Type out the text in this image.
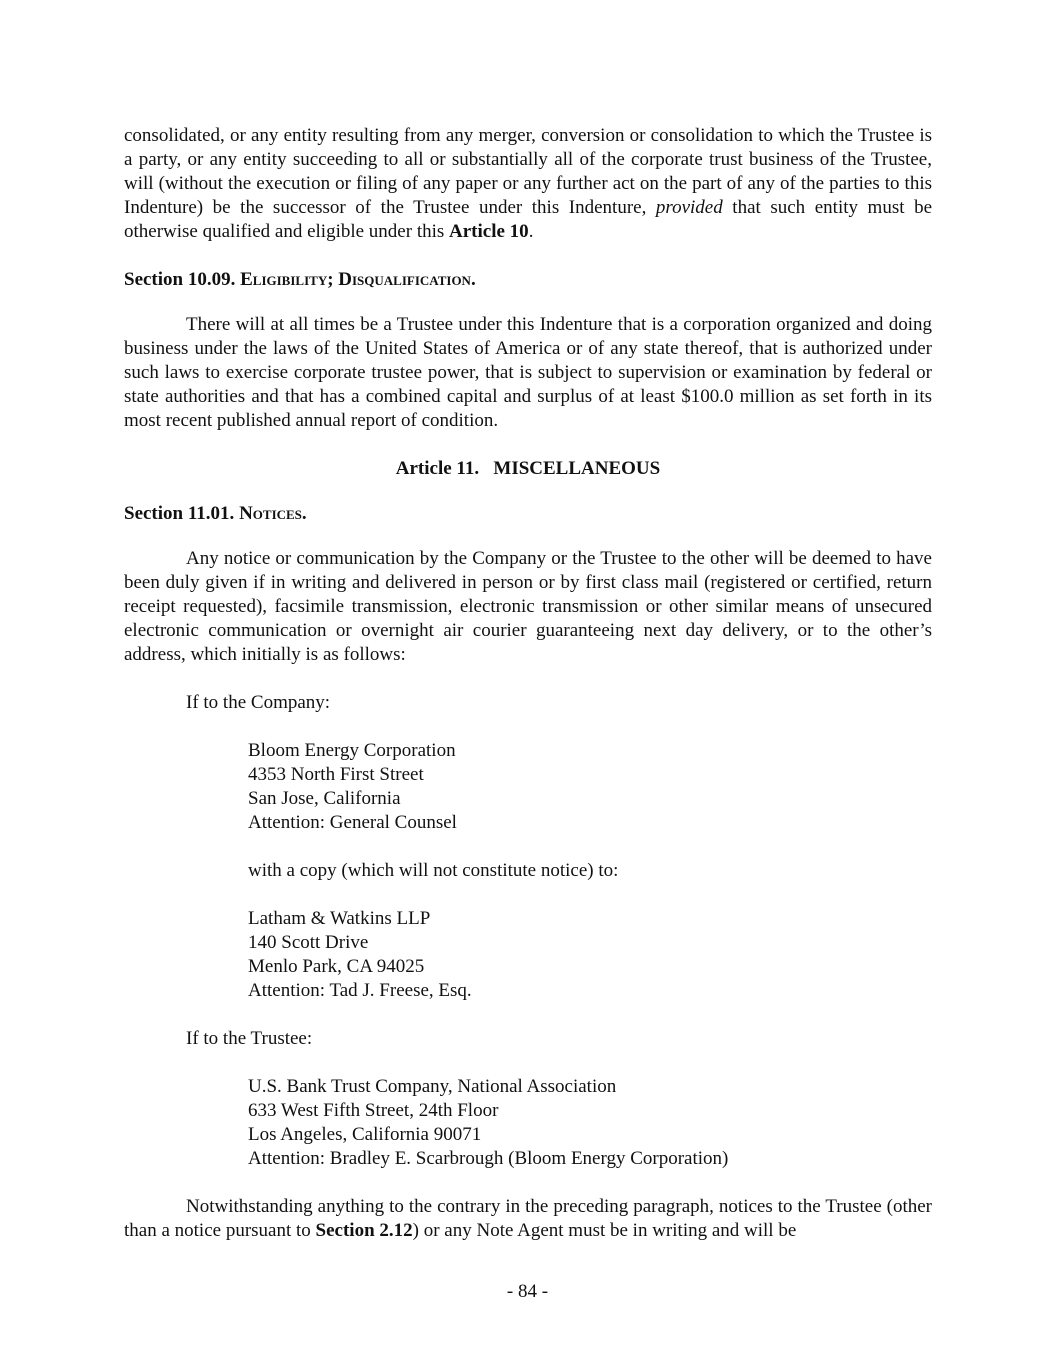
consolidated, or any entity resulting from any merger, conversion or consolidation to which the Trustee is a party, or any entity succeeding to all or substantially all of the corporate trust business of the Trustee, will (without the execution or filing of any paper or any further act on the part of any of the parties to this Indenture) be the successor of the Trustee under this Indenture, provided that such entity must be otherwise qualified and eligible under this Article 10.

Section 10.09. Eligibility; Disqualification.

There will at all times be a Trustee under this Indenture that is a corporation organized and doing business under the laws of the United States of America or of any state thereof, that is authorized under such laws to exercise corporate trustee power, that is subject to supervision or examination by federal or state authorities and that has a combined capital and surplus of at least $100.0 million as set forth in its most recent published annual report of condition.

Article 11.   MISCELLANEOUS

Section 11.01. Notices.

Any notice or communication by the Company or the Trustee to the other will be deemed to have been duly given if in writing and delivered in person or by first class mail (registered or certified, return receipt requested), facsimile transmission, electronic transmission or other similar means of unsecured electronic communication or overnight air courier guaranteeing next day delivery, or to the other’s address, which initially is as follows:

If to the Company:

Bloom Energy Corporation

4353 North First Street

San Jose, California

Attention: General Counsel

with a copy (which will not constitute notice) to:

Latham & Watkins LLP

140 Scott Drive

Menlo Park, CA 94025

Attention: Tad J. Freese, Esq.

If to the Trustee:

U.S. Bank Trust Company, National Association

633 West Fifth Street, 24th Floor

Los Angeles, California 90071

Attention: Bradley E. Scarbrough (Bloom Energy Corporation)

Notwithstanding anything to the contrary in the preceding paragraph, notices to the Trustee (other than a notice pursuant to Section 2.12) or any Note Agent must be in writing and will be

- 84 -
